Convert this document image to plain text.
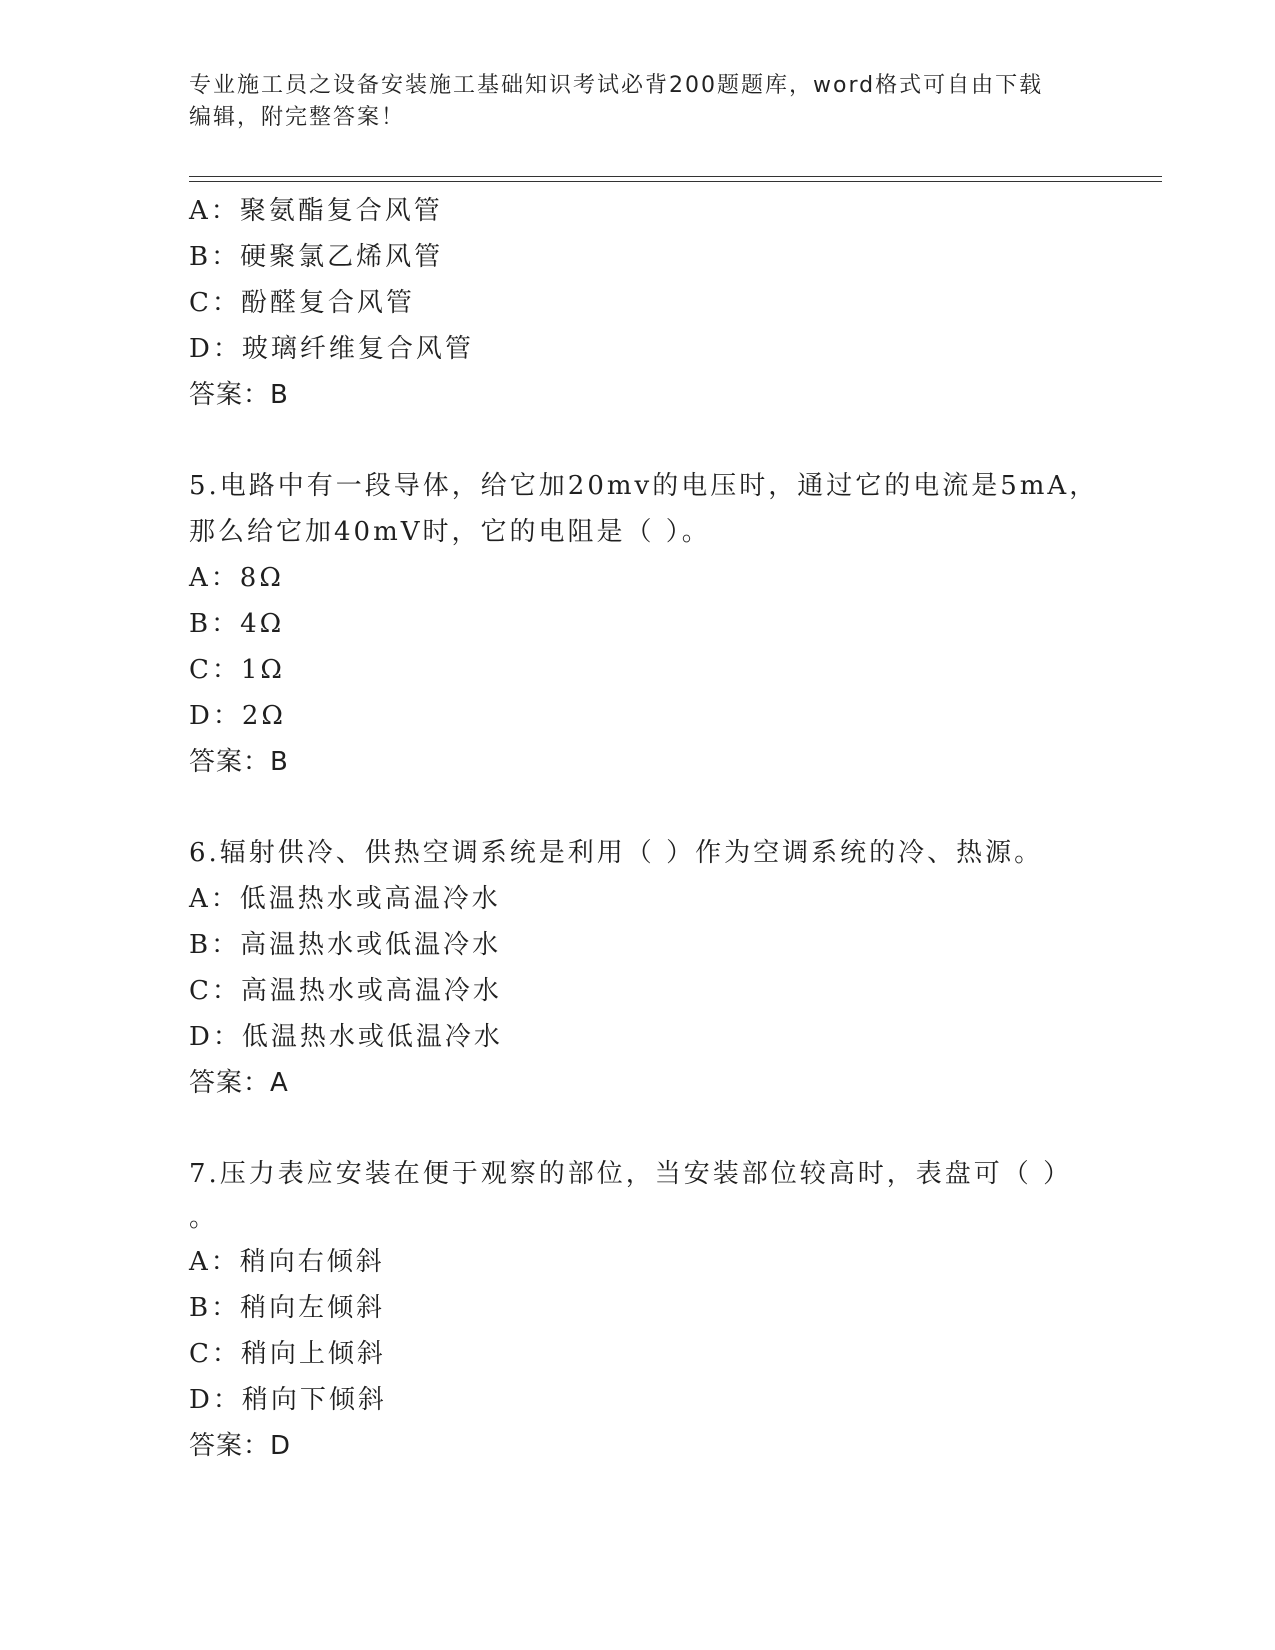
专业施工员之设备安装施工基础知识考试必背200题题库，word格式可自由下载
编辑，附完整答案！
A：聚氨酯复合风管
B：硬聚氯乙烯风管
C：酚醛复合风管
D：玻璃纤维复合风管
答案：B
5.电路中有一段导体，给它加20mv的电压时，通过它的电流是5mA，
那么给它加40mV时，它的电阻是（ ）。
A：8Ω
B：4Ω
C：1Ω
D：2Ω
答案：B
6.辐射供冷、供热空调系统是利用（ ）作为空调系统的冷、热源。
A：低温热水或高温冷水
B：高温热水或低温冷水
C：高温热水或高温冷水
D：低温热水或低温冷水
答案：A
7.压力表应安装在便于观察的部位，当安装部位较高时，表盘可（ ）
。
A：稍向右倾斜
B：稍向左倾斜
C：稍向上倾斜
D：稍向下倾斜
答案：D
